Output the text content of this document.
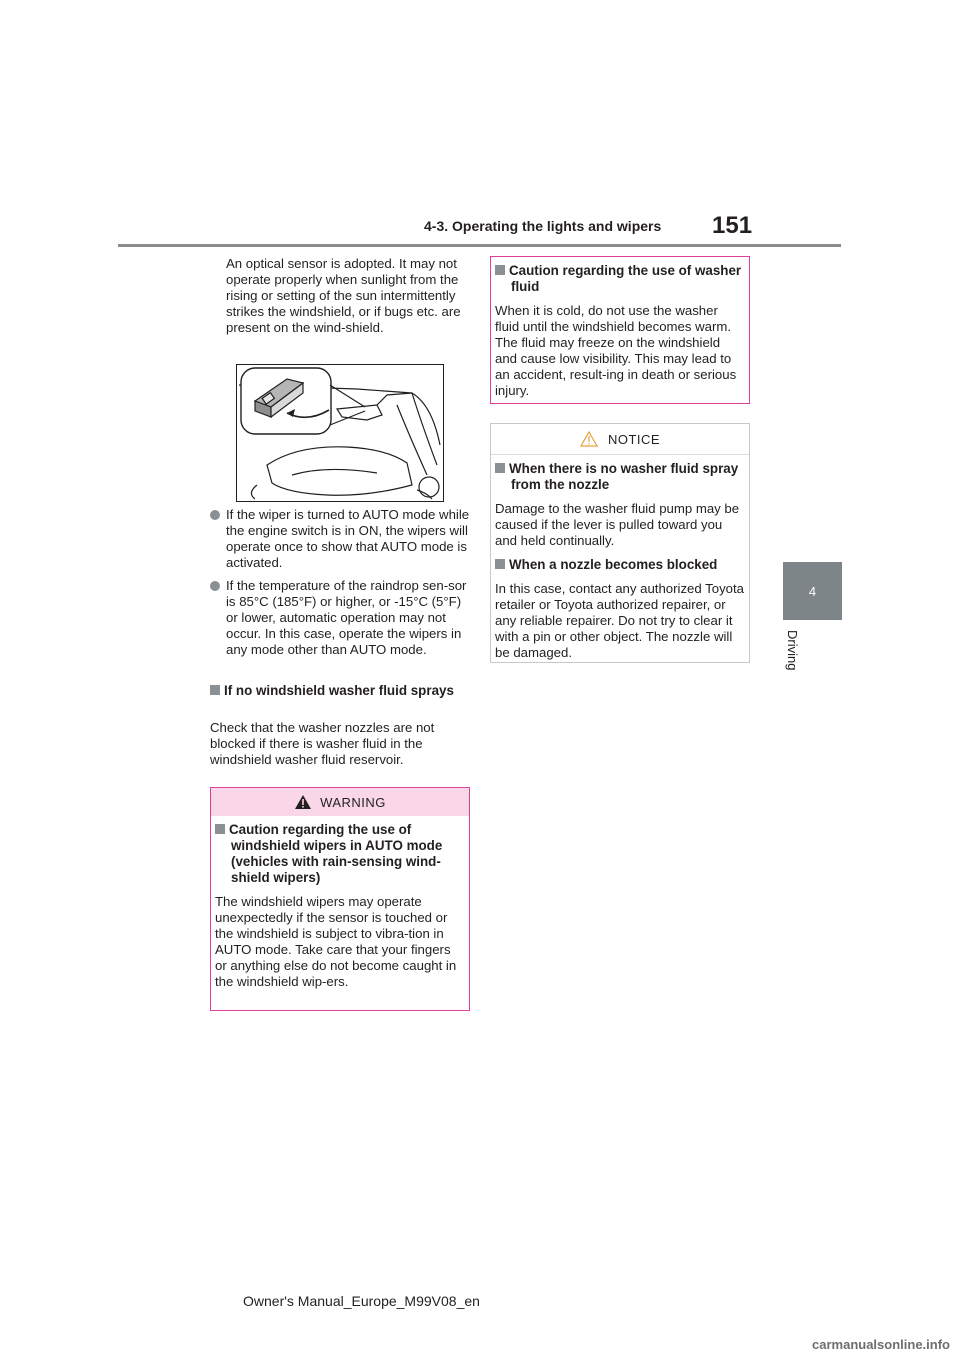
4-3. Operating the lights and wipers 151
4
Driving
An optical sensor is adopted. It may not operate properly when sunlight from the rising or setting of the sun intermittently strikes the windshield, or if bugs etc. are present on the wind-shield.
If the wiper is turned to AUTO mode while the engine switch is in ON, the wipers will operate once to show that AUTO mode is activated.
If the temperature of the raindrop sen-sor is 85°C (185°F) or higher, or -15°C (5°F) or lower, automatic operation may not occur. In this case, operate the wipers in any mode other than AUTO mode.
If no windshield washer fluid sprays
Check that the washer nozzles are not blocked if there is washer fluid in the windshield washer fluid reservoir.
WARNING
Caution regarding the use of windshield wipers in AUTO mode (vehicles with rain-sensing wind-shield wipers)
The windshield wipers may operate unexpectedly if the sensor is touched or the windshield is subject to vibra-tion in AUTO mode. Take care that your fingers or anything else do not become caught in the windshield wip-ers.
Caution regarding the use of washer fluid
When it is cold, do not use the washer fluid until the windshield becomes warm. The fluid may freeze on the windshield and cause low visibility. This may lead to an accident, result-ing in death or serious injury.
NOTICE
When there is no washer fluid spray from the nozzle
Damage to the washer fluid pump may be caused if the lever is pulled toward you and held continually.
When a nozzle becomes blocked
In this case, contact any authorized Toyota retailer or Toyota authorized repairer, or any reliable repairer. Do not try to clear it with a pin or other object. The nozzle will be damaged.
Owner's Manual_Europe_M99V08_en
carmanualsonline.info
